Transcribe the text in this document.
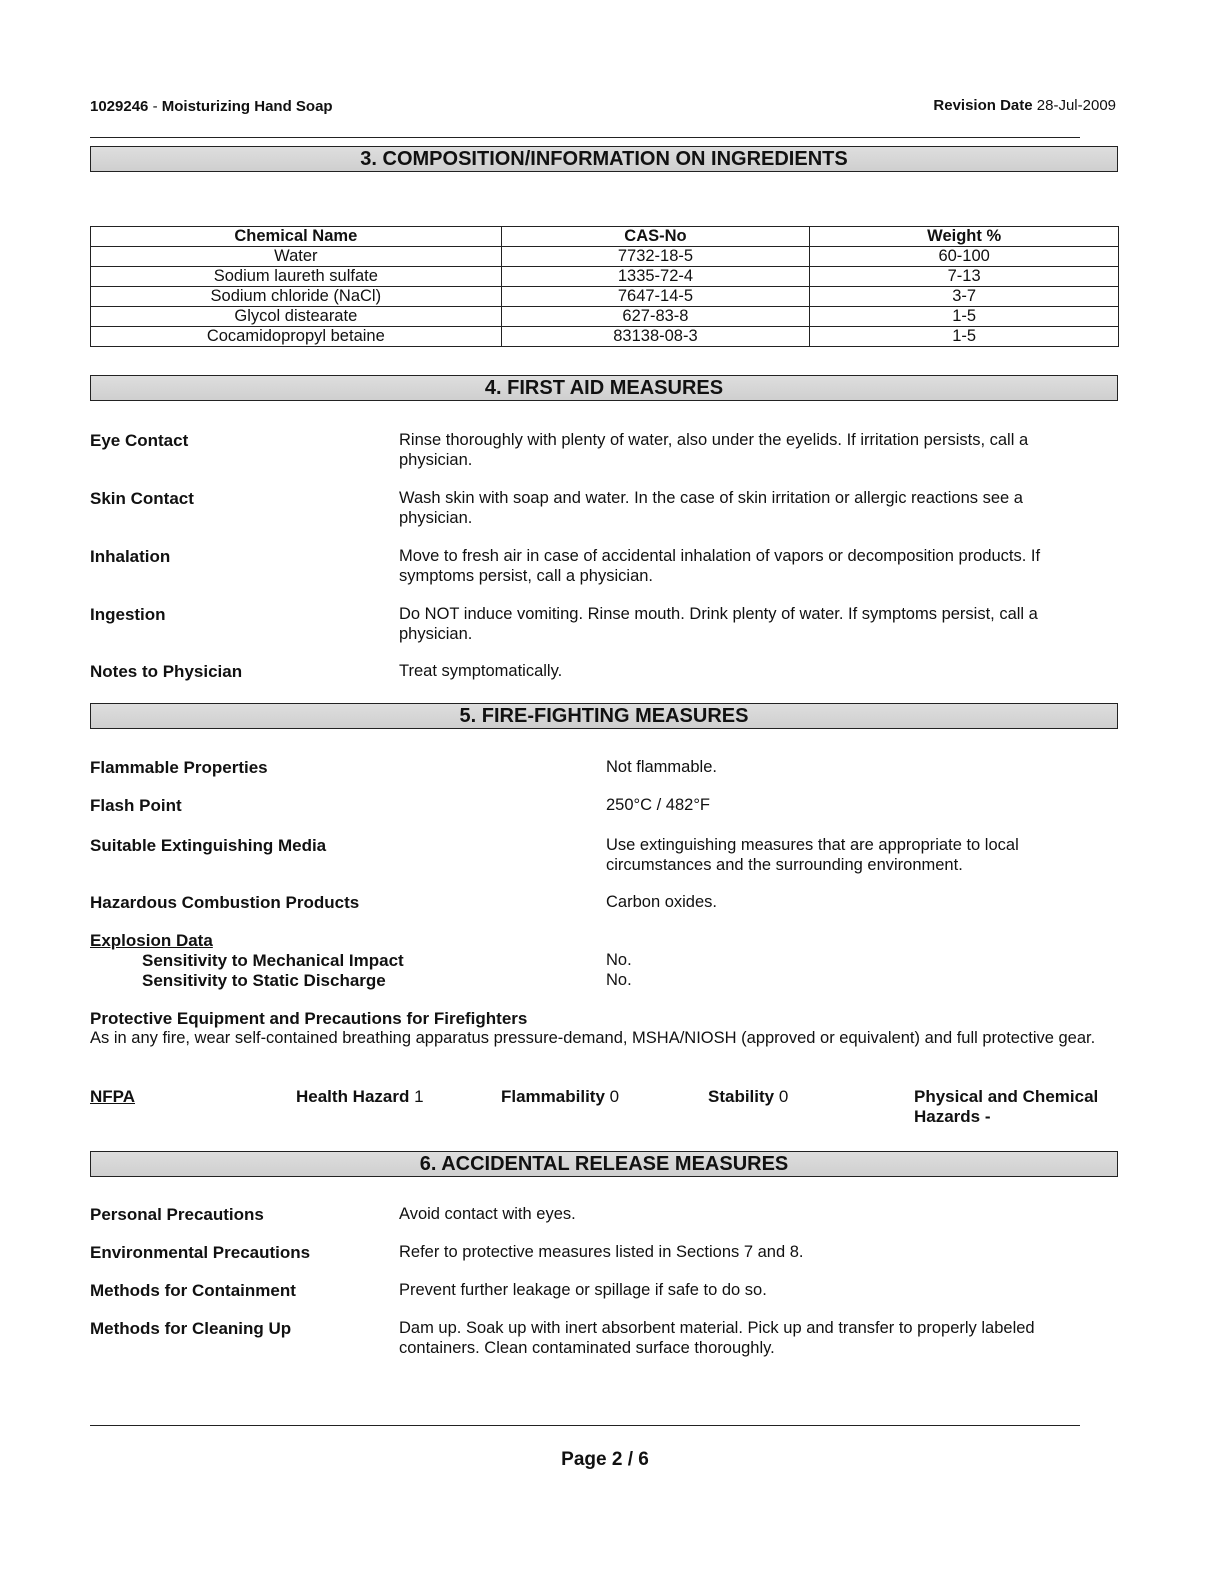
1029246 - Moisturizing Hand Soap	Revision Date 28-Jul-2009
3. COMPOSITION/INFORMATION ON INGREDIENTS
Chemical Name	CAS-No	Weight %
Water	7732-18-5	60-100
Sodium laureth sulfate	1335-72-4	7-13
Sodium chloride (NaCl)	7647-14-5	3-7
Glycol distearate	627-83-8	1-5
Cocamidopropyl betaine	83138-08-3	1-5
4. FIRST AID MEASURES
Eye Contact	Rinse thoroughly with plenty of water, also under the eyelids. If irritation persists, call a physician.
Skin Contact	Wash skin with soap and water. In the case of skin irritation or allergic reactions see a physician.
Inhalation	Move to fresh air in case of accidental inhalation of vapors or decomposition products. If symptoms persist, call a physician.
Ingestion	Do NOT induce vomiting. Rinse mouth. Drink plenty of water. If symptoms persist, call a physician.
Notes to Physician	Treat symptomatically.
5. FIRE-FIGHTING MEASURES
Flammable Properties	Not flammable.
Flash Point	250°C / 482°F
Suitable Extinguishing Media	Use extinguishing measures that are appropriate to local circumstances and the surrounding environment.
Hazardous Combustion Products	Carbon oxides.
Explosion Data
Sensitivity to Mechanical Impact	No.
Sensitivity to Static Discharge	No.
Protective Equipment and Precautions for Firefighters
As in any fire, wear self-contained breathing apparatus pressure-demand, MSHA/NIOSH (approved or equivalent) and full protective gear.
NFPA	Health Hazard 1	Flammability 0	Stability 0	Physical and Chemical Hazards -
6. ACCIDENTAL RELEASE MEASURES
Personal Precautions	Avoid contact with eyes.
Environmental Precautions	Refer to protective measures listed in Sections 7 and 8.
Methods for Containment	Prevent further leakage or spillage if safe to do so.
Methods for Cleaning Up	Dam up. Soak up with inert absorbent material. Pick up and transfer to properly labeled containers. Clean contaminated surface thoroughly.
Page 2 / 6
